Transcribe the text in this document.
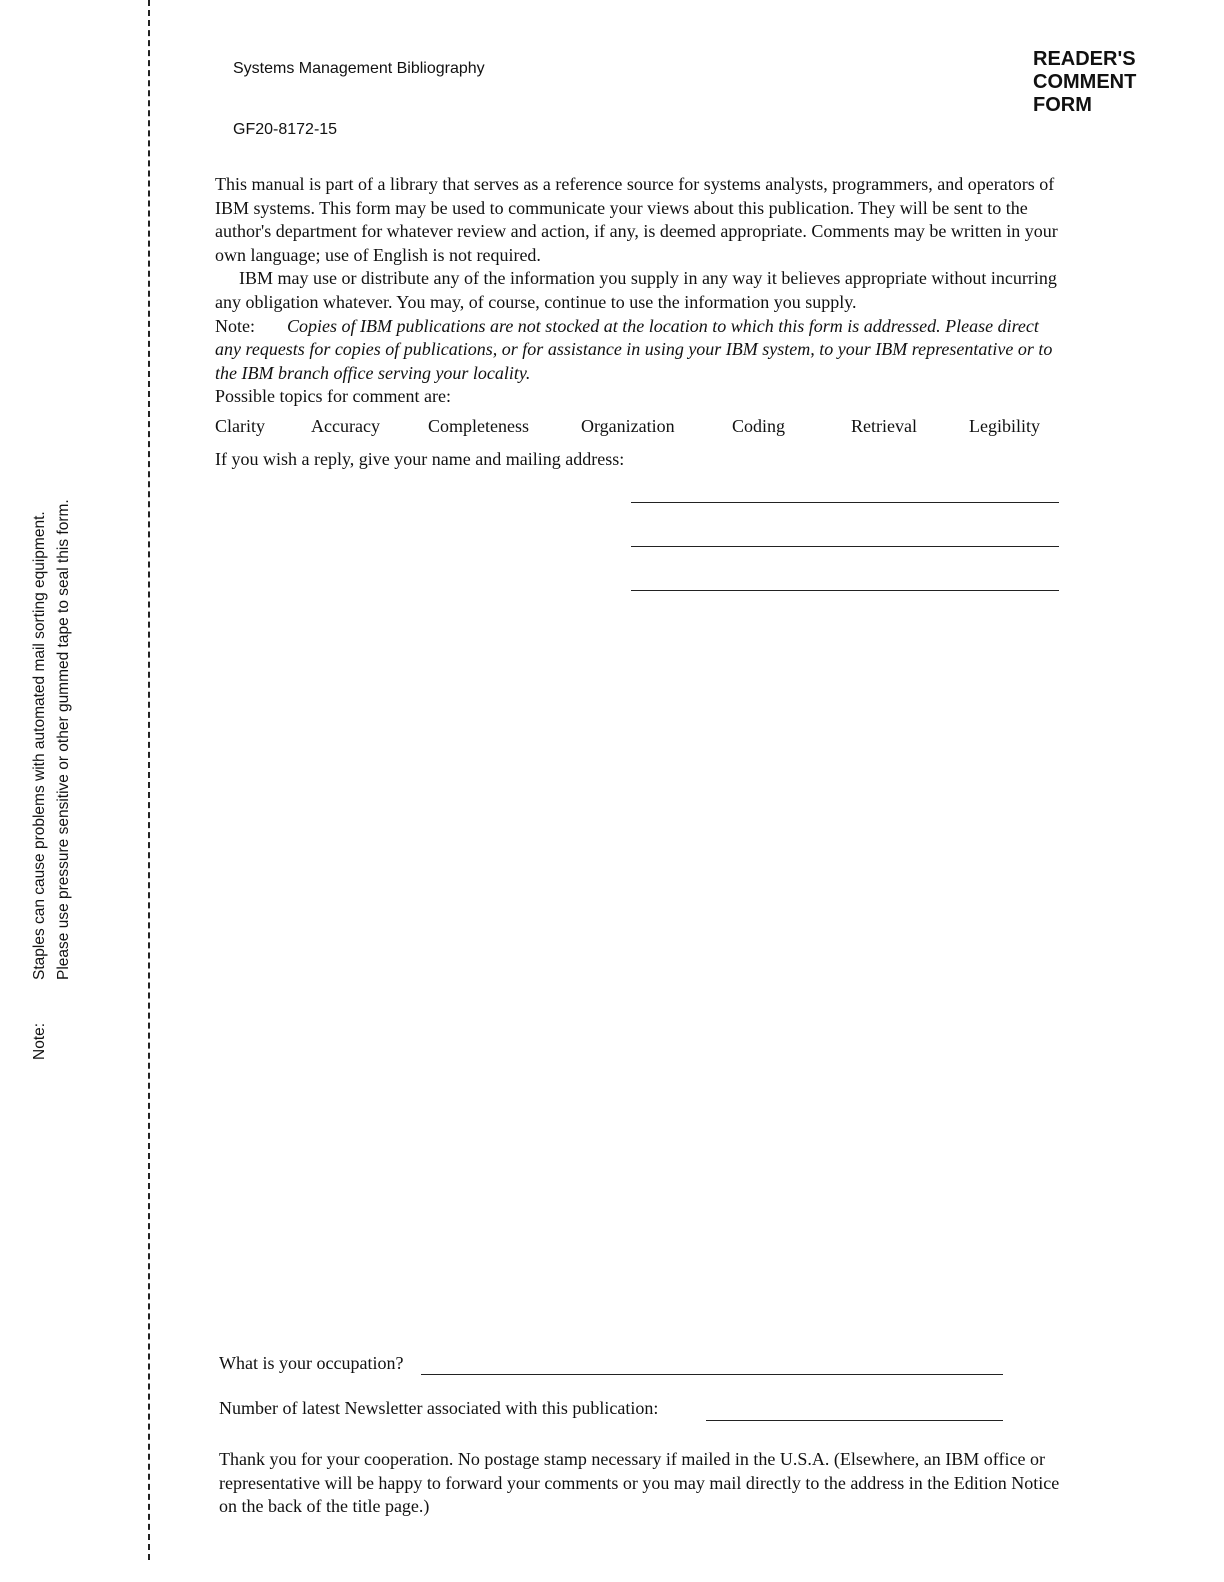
Note:Staples can cause problems with automated mail sorting equipment. Please use pressure sensitive or other gummed tape to seal this form.
Systems Management Bibliography
GF20-8172-15
READER'S
COMMENT
FORM

This manual is part of a library that serves as a reference source for systems analysts, programmers, and operators of IBM systems. This form may be used to communicate your views about this publication. They will be sent to the author's department for whatever review and action, if any, is deemed appropriate. Comments may be written in your own language; use of English is not required.

IBM may use or distribute any of the information you supply in any way it believes appropriate without incurring any obligation whatever. You may, of course, continue to use the information you supply.

Note: Copies of IBM publications are not stocked at the location to which this form is addressed. Please direct any requests for copies of publications, or for assistance in using your IBM system, to your IBM representative or to the IBM branch office serving your locality.

Possible topics for comment are:

Clarity	Accuracy	Completeness	Organization	Coding	Retrieval	Legibility
If you wish a reply, give your name and mailing address:
What is your occupation?
Number of latest Newsletter associated with this publication:
Thank you for your cooperation. No postage stamp necessary if mailed in the U.S.A. (Elsewhere, an IBM office or representative will be happy to forward your comments or you may mail directly to the address in the Edition Notice on the back of the title page.)
